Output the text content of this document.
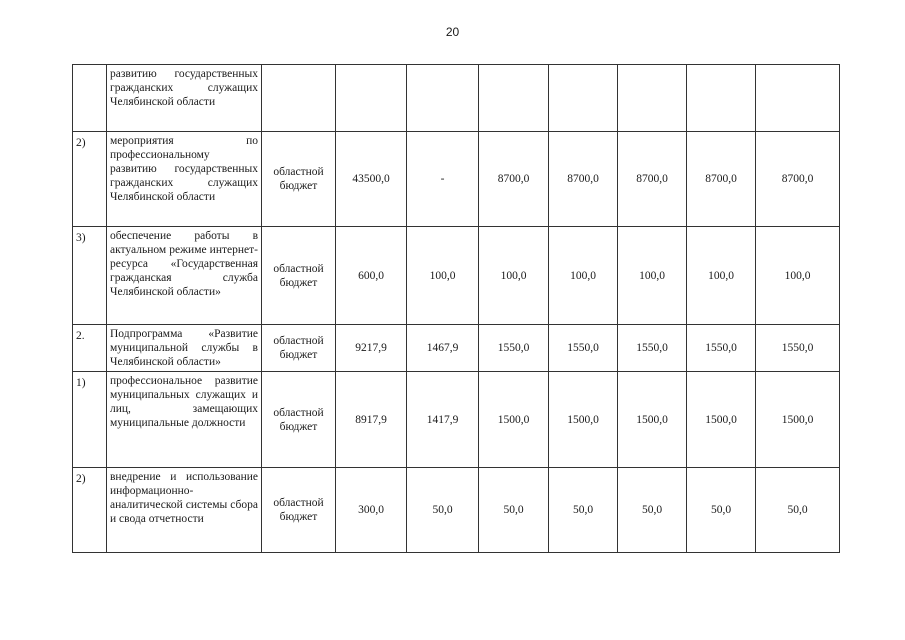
20
	развитию государственных гражданских служащих Челябинской области								
2)	мероприятия по профессиональному развитию государственных гражданских служащих Челябинской области	областной бюджет	43500,0	-	8700,0	8700,0	8700,0	8700,0	8700,0
3)	обеспечение работы в актуальном режиме интернет-ресурса «Государственная гражданская служба Челябинской области»	областной бюджет	600,0	100,0	100,0	100,0	100,0	100,0	100,0
2.	Подпрограмма «Развитие муниципальной службы в Челябинской области»	областной бюджет	9217,9	1467,9	1550,0	1550,0	1550,0	1550,0	1550,0
1)	профессиональное развитие муниципальных служащих и лиц, замещающих муниципальные должности	областной бюджет	8917,9	1417,9	1500,0	1500,0	1500,0	1500,0	1500,0
2)	внедрение и использование информационно-аналитической системы сбора и свода отчетности	областной бюджет	300,0	50,0	50,0	50,0	50,0	50,0	50,0
